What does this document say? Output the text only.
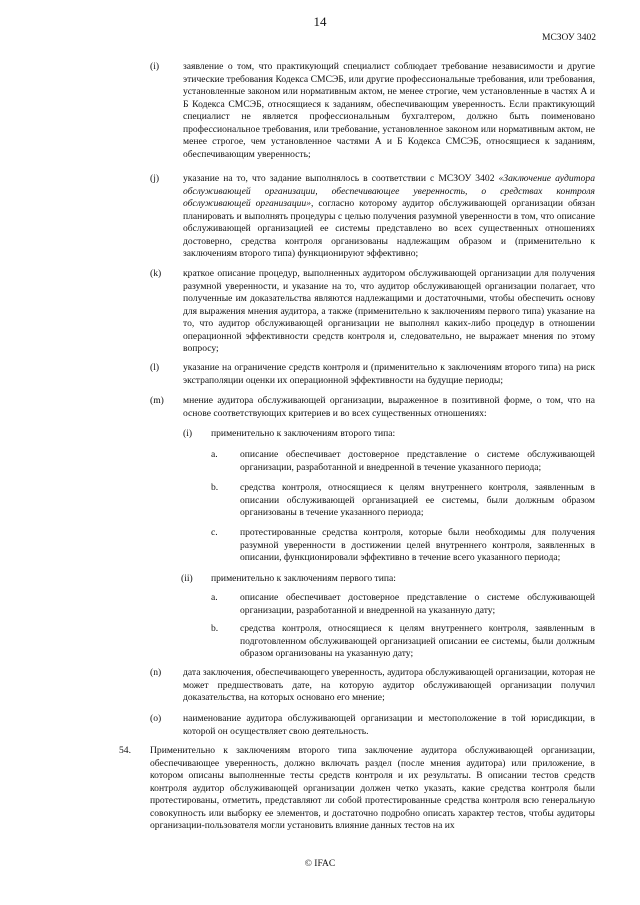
14
МСЗОУ 3402
(i) заявление о том, что практикующий специалист соблюдает требование независимости и другие этические требования Кодекса СМСЭБ, или другие профессиональные требования, или требования, установленные законом или нормативным актом, не менее строгие, чем установленные в частях А и Б Кодекса СМСЭБ, относящиеся к заданиям, обеспечивающим уверенность. Если практикующий специалист не является профессиональным бухгалтером, должно быть поименовано профессиональное требования, или требование, установленное законом или нормативным актом, не менее строгое, чем установленное частями А и Б Кодекса СМСЭБ, относящиеся к заданиям, обеспечивающим уверенность;
(j) указание на то, что задание выполнялось в соответствии с МСЗОУ 3402 «Заключение аудитора обслуживающей организации, обеспечивающее уверенность, о средствах контроля обслуживающей организации», согласно которому аудитор обслуживающей организации обязан планировать и выполнять процедуры с целью получения разумной уверенности в том, что описание обслуживающей организацией ее системы представлено во всех существенных отношениях достоверно, средства контроля организованы надлежащим образом и (применительно к заключениям второго типа) функционируют эффективно;
(k) краткое описание процедур, выполненных аудитором обслуживающей организации для получения разумной уверенности, и указание на то, что аудитор обслуживающей организации полагает, что полученные им доказательства являются надлежащими и достаточными, чтобы обеспечить основу для выражения мнения аудитора, а также (применительно к заключениям первого типа) указание на то, что аудитор обслуживающей организации не выполнял каких-либо процедур в отношении операционной эффективности средств контроля и, следовательно, не выражает мнения по этому вопросу;
(l) указание на ограничение средств контроля и (применительно к заключениям второго типа) на риск экстраполяции оценки их операционной эффективности на будущие периоды;
(m) мнение аудитора обслуживающей организации, выраженное в позитивной форме, о том, что на основе соответствующих критериев и во всех существенных отношениях:
(i) применительно к заключениям второго типа:
a. описание обеспечивает достоверное представление о системе обслуживающей организации, разработанной и внедренной в течение указанного периода;
b. средства контроля, относящиеся к целям внутреннего контроля, заявленным в описании обслуживающей организацией ее системы, были должным образом организованы в течение указанного периода;
c. протестированные средства контроля, которые были необходимы для получения разумной уверенности в достижении целей внутреннего контроля, заявленных в описании, функционировали эффективно в течение всего указанного периода;
(ii) применительно к заключениям первого типа:
a. описание обеспечивает достоверное представление о системе обслуживающей организации, разработанной и внедренной на указанную дату;
b. средства контроля, относящиеся к целям внутреннего контроля, заявленным в подготовленном обслуживающей организацией описании ее системы, были должным образом организованы на указанную дату;
(n) дата заключения, обеспечивающего уверенность, аудитора обслуживающей организации, которая не может предшествовать дате, на которую аудитор обслуживающей организации получил доказательства, на которых основано его мнение;
(o) наименование аудитора обслуживающей организации и местоположение в той юрисдикции, в которой он осуществляет свою деятельность.
54. Применительно к заключениям второго типа заключение аудитора обслуживающей организации, обеспечивающее уверенность, должно включать раздел (после мнения аудитора) или приложение, в котором описаны выполненные тесты средств контроля и их результаты. В описании тестов средств контроля аудитор обслуживающей организации должен четко указать, какие средства контроля были протестированы, отметить, представляют ли собой протестированные средства контроля всю генеральную совокупность или выборку ее элементов, и достаточно подробно описать характер тестов, чтобы аудиторы организации-пользователя могли установить влияние данных тестов на их
© IFAC
